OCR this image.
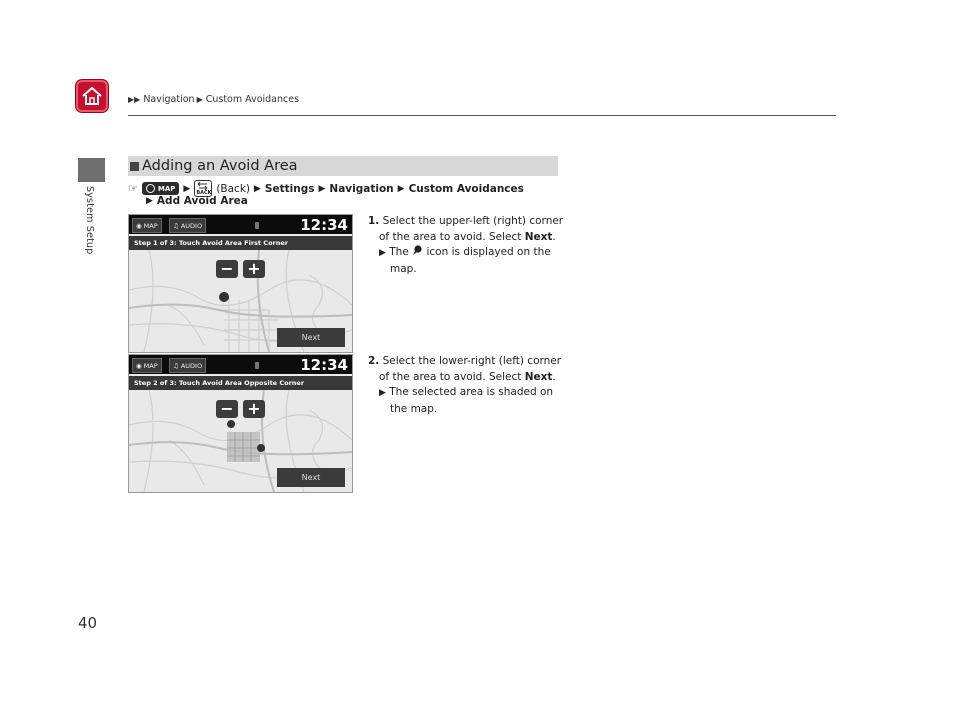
▶▶ Navigation ▶ Custom Avoidances
System Setup
Adding an Avoid Area
☞	MAP ▶ BACK (Back) ▶ Settings ▶ Navigation ▶ Custom Avoidances
▶ Add Avoid Area
◉ MAP ♫ AUDIO	12:34
Step 1 of 3: Touch Avoid Area First Corner
− +
Next
◉ MAP ♫ AUDIO	12:34
Step 2 of 3: Touch Avoid Area Opposite Corner
− +
Next
1. Select the upper-left (right) corner
of the area to avoid. Select Next.
▶ The icon is displayed on the
map.
2. Select the lower-right (left) corner
of the area to avoid. Select Next.
▶ The selected area is shaded on
the map.
40
